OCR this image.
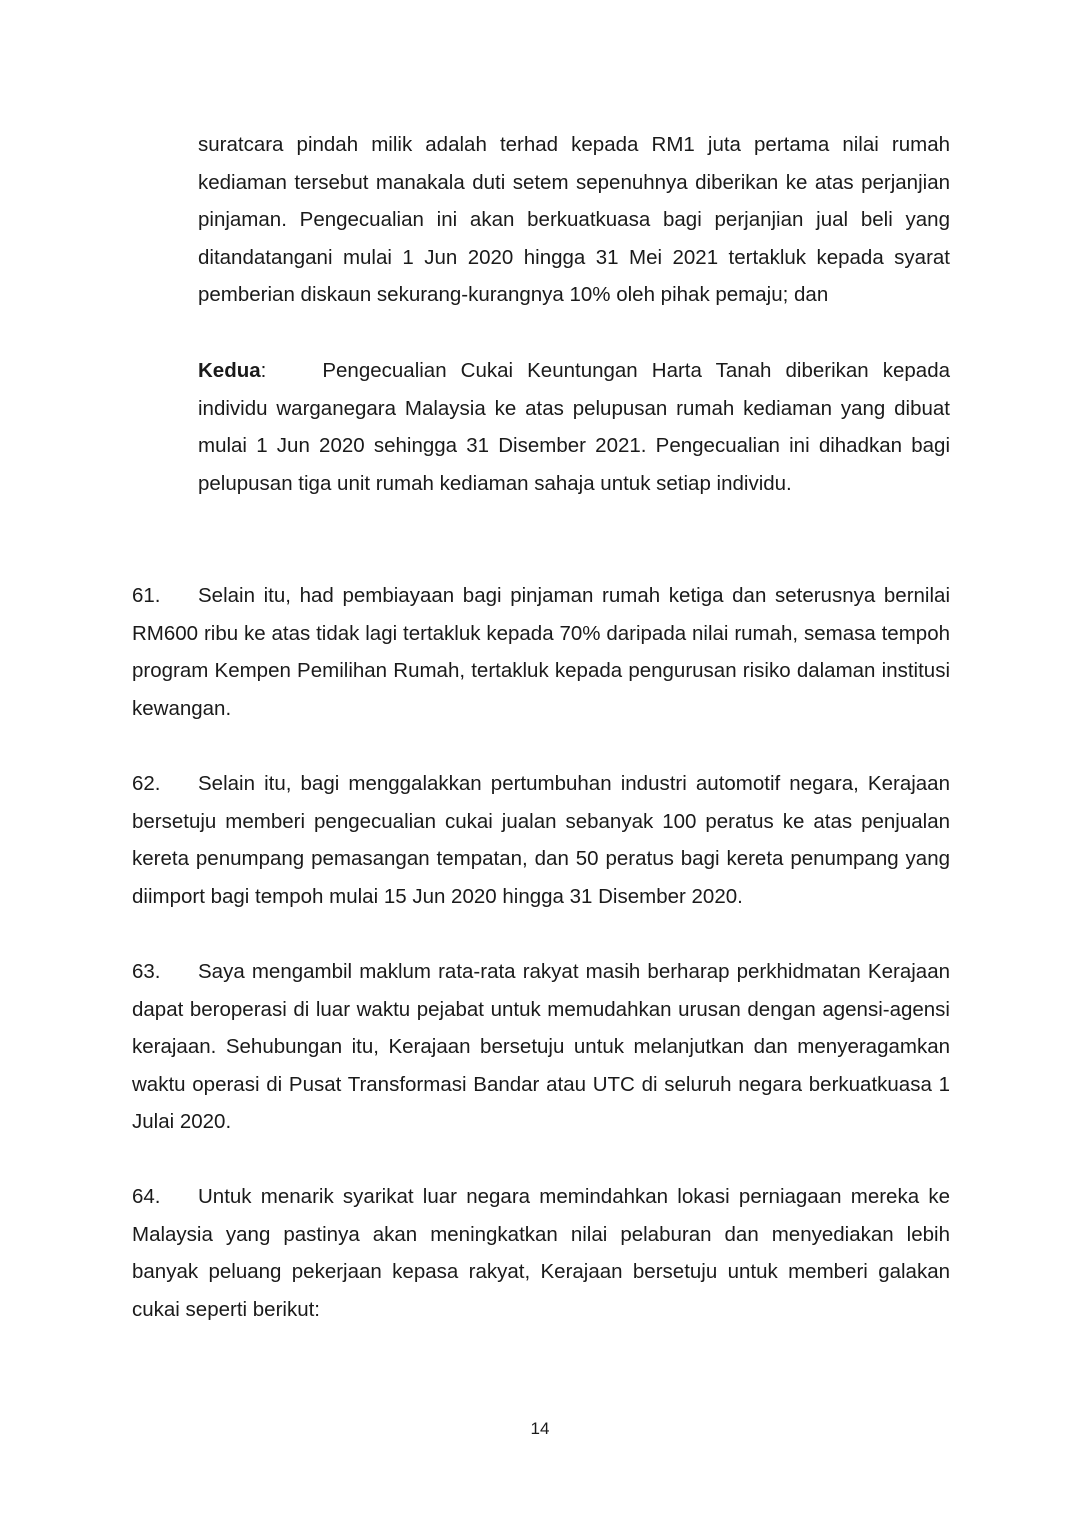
suratcara pindah milik adalah terhad kepada RM1 juta pertama nilai rumah kediaman tersebut manakala duti setem sepenuhnya diberikan ke atas perjanjian pinjaman. Pengecualian ini akan berkuatkuasa bagi perjanjian jual beli yang ditandatangani mulai 1 Jun 2020 hingga 31 Mei 2021 tertakluk kepada syarat pemberian diskaun sekurang-kurangnya 10% oleh pihak pemaju; dan

Kedua:	Pengecualian Cukai Keuntungan Harta Tanah diberikan kepada individu warganegara Malaysia ke atas pelupusan rumah kediaman yang dibuat mulai 1 Jun 2020 sehingga 31 Disember 2021. Pengecualian ini dihadkan bagi pelupusan tiga unit rumah kediaman sahaja untuk setiap individu.

61. Selain itu, had pembiayaan bagi pinjaman rumah ketiga dan seterusnya bernilai RM600 ribu ke atas tidak lagi tertakluk kepada 70% daripada nilai rumah, semasa tempoh program Kempen Pemilihan Rumah, tertakluk kepada pengurusan risiko dalaman institusi kewangan.

62. Selain itu, bagi menggalakkan pertumbuhan industri automotif negara, Kerajaan bersetuju memberi pengecualian cukai jualan sebanyak 100 peratus ke atas penjualan kereta penumpang pemasangan tempatan, dan 50 peratus bagi kereta penumpang yang diimport bagi tempoh mulai 15 Jun 2020 hingga 31 Disember 2020.

63. Saya mengambil maklum rata-rata rakyat masih berharap perkhidmatan Kerajaan dapat beroperasi di luar waktu pejabat untuk memudahkan urusan dengan agensi-agensi kerajaan. Sehubungan itu, Kerajaan bersetuju untuk melanjutkan dan menyeragamkan waktu operasi di Pusat Transformasi Bandar atau UTC di seluruh negara berkuatkuasa 1 Julai 2020.

64. Untuk menarik syarikat luar negara memindahkan lokasi perniagaan mereka ke Malaysia yang pastinya akan meningkatkan nilai pelaburan dan menyediakan lebih banyak peluang pekerjaan kepasa rakyat, Kerajaan bersetuju untuk memberi galakan cukai seperti berikut:

14
